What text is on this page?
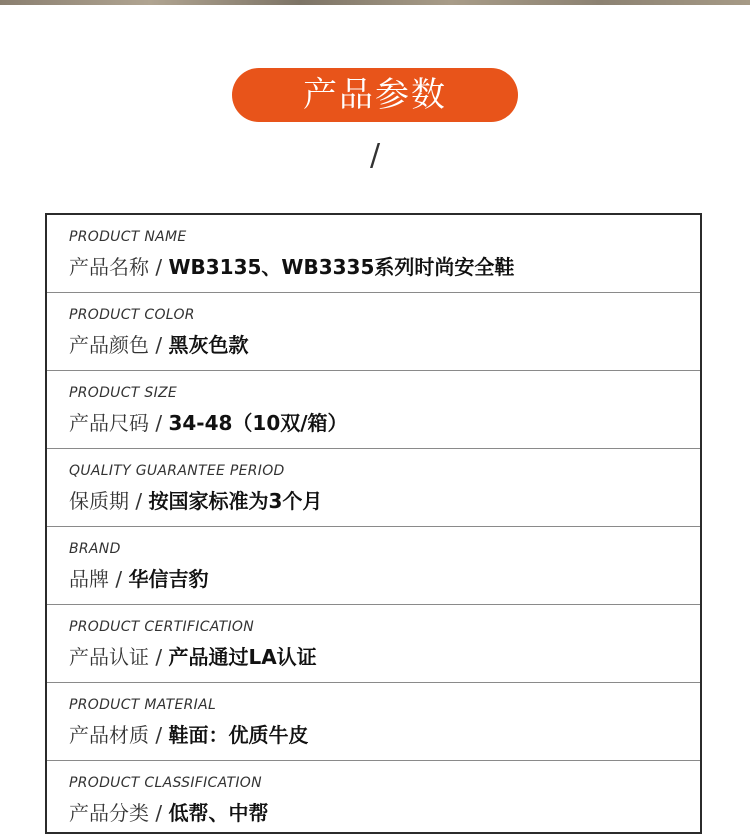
产品参数
/
PRODUCT NAME
产品名称 / WB3135、WB3335系列时尚安全鞋
PRODUCT COLOR
产品颜色 / 黑灰色款
PRODUCT SIZE
产品尺码 / 34-48（10双/箱）
QUALITY GUARANTEE PERIOD
保质期 / 按国家标准为3个月
BRAND
品牌 / 华信吉豹
PRODUCT CERTIFICATION
产品认证 / 产品通过LA认证
PRODUCT MATERIAL
产品材质 / 鞋面：优质牛皮
PRODUCT CLASSIFICATION
产品分类 / 低帮、中帮
